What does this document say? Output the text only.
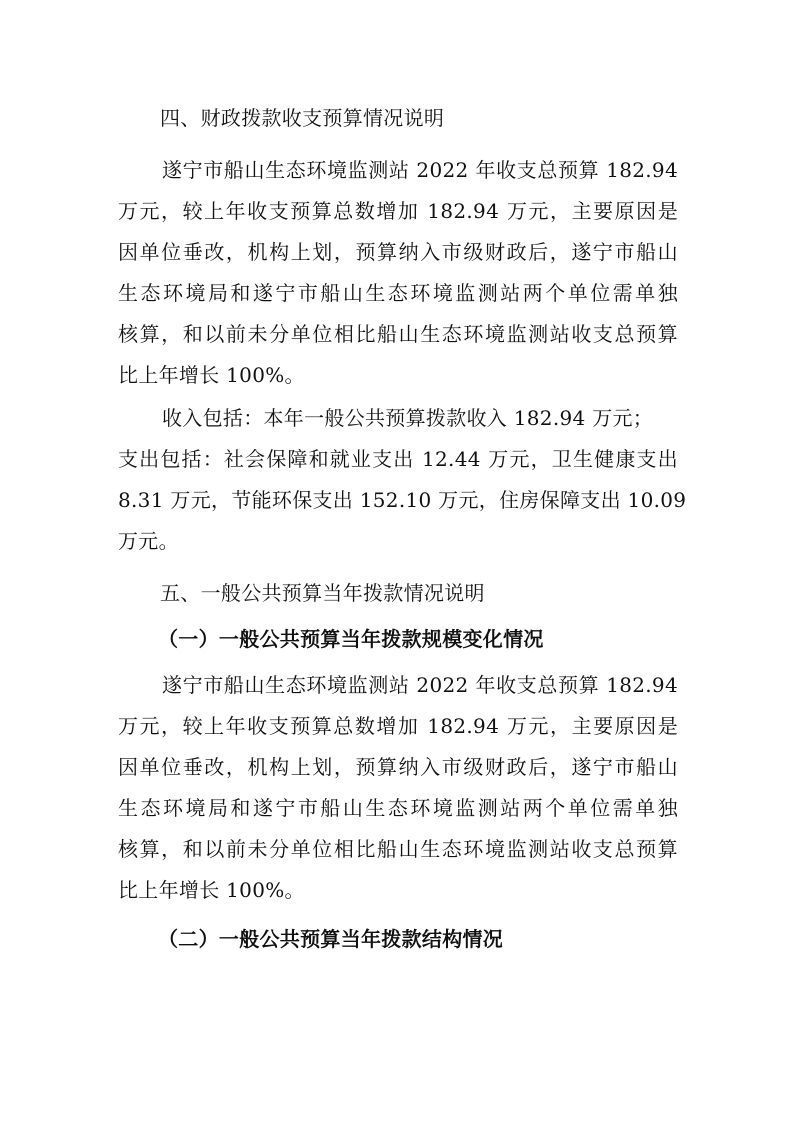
四、财政拨款收支预算情况说明
遂宁市船山生态环境监测站 2022 年收支总预算 182.94
万元，较上年收支预算总数增加 182.94 万元，主要原因是
因单位垂改，机构上划，预算纳入市级财政后，遂宁市船山
生态环境局和遂宁市船山生态环境监测站两个单位需单独
核算，和以前未分单位相比船山生态环境监测站收支总预算
比上年增长 100%。
收入包括：本年一般公共预算拨款收入 182.94 万元；
支出包括：社会保障和就业支出 12.44 万元，卫生健康支出
8.31 万元，节能环保支出 152.10 万元，住房保障支出 10.09
万元。
五、一般公共预算当年拨款情况说明
（一）一般公共预算当年拨款规模变化情况
遂宁市船山生态环境监测站 2022 年收支总预算 182.94
万元，较上年收支预算总数增加 182.94 万元，主要原因是
因单位垂改，机构上划，预算纳入市级财政后，遂宁市船山
生态环境局和遂宁市船山生态环境监测站两个单位需单独
核算，和以前未分单位相比船山生态环境监测站收支总预算
比上年增长 100%。
（二）一般公共预算当年拨款结构情况
